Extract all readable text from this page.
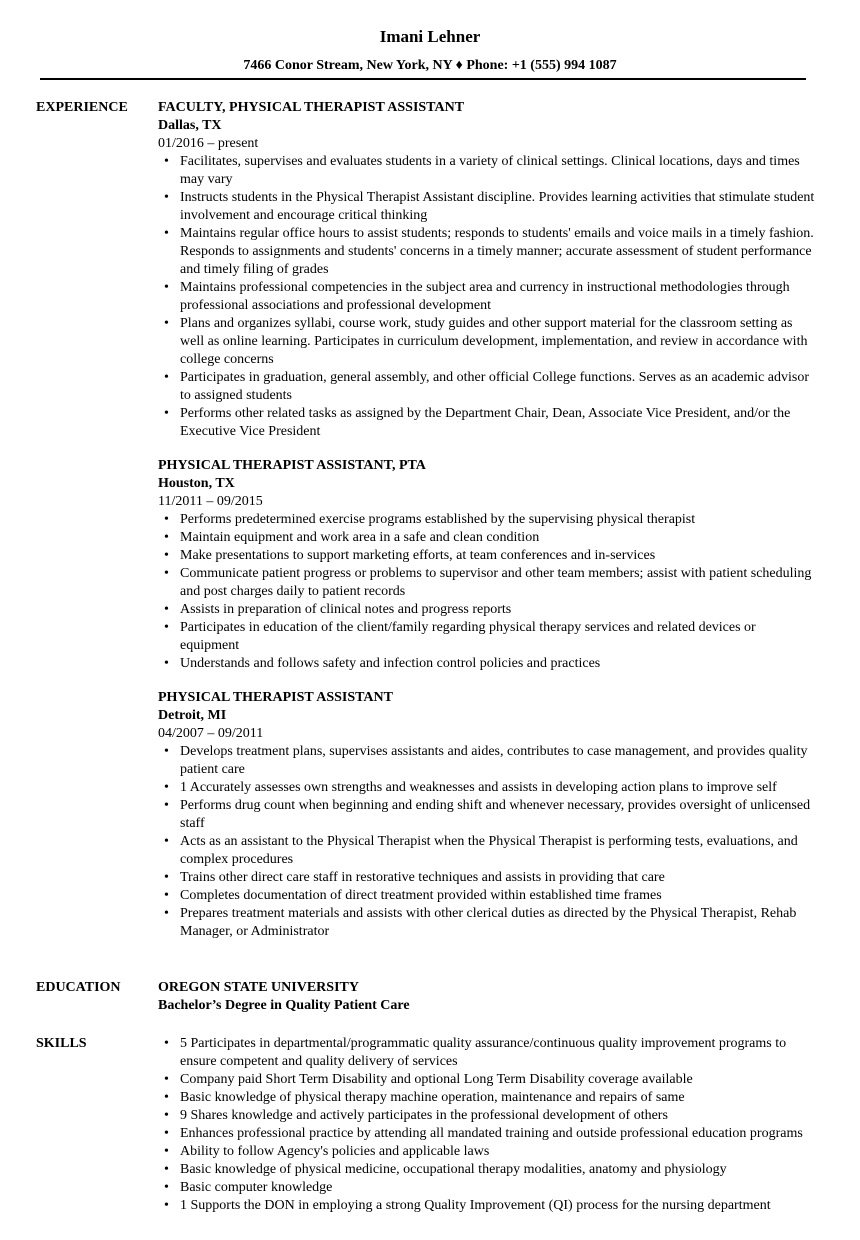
Imani Lehner
7466 Conor Stream, New York, NY ♦ Phone: +1 (555) 994 1087
EXPERIENCE FACULTY, PHYSICAL THERAPIST ASSISTANT
Dallas, TX
01/2016 – present
• Facilitates, supervises and evaluates students in a variety of clinical settings. Clinical locations, days and times may vary
• Instructs students in the Physical Therapist Assistant discipline. Provides learning activities that stimulate student involvement and encourage critical thinking
• Maintains regular office hours to assist students; responds to students' emails and voice mails in a timely fashion. Responds to assignments and students' concerns in a timely manner; accurate assessment of student performance and timely filing of grades
• Maintains professional competencies in the subject area and currency in instructional methodologies through professional associations and professional development
• Plans and organizes syllabi, course work, study guides and other support material for the classroom setting as well as online learning. Participates in curriculum development, implementation, and review in accordance with college concerns
• Participates in graduation, general assembly, and other official College functions. Serves as an academic advisor to assigned students
• Performs other related tasks as assigned by the Department Chair, Dean, Associate Vice President, and/or the Executive Vice President
PHYSICAL THERAPIST ASSISTANT, PTA
Houston, TX
11/2011 – 09/2015
• Performs predetermined exercise programs established by the supervising physical therapist
• Maintain equipment and work area in a safe and clean condition
• Make presentations to support marketing efforts, at team conferences and in-services
• Communicate patient progress or problems to supervisor and other team members; assist with patient scheduling and post charges daily to patient records
• Assists in preparation of clinical notes and progress reports
• Participates in education of the client/family regarding physical therapy services and related devices or equipment
• Understands and follows safety and infection control policies and practices
PHYSICAL THERAPIST ASSISTANT
Detroit, MI
04/2007 – 09/2011
• Develops treatment plans, supervises assistants and aides, contributes to case management, and provides quality patient care
• 1 Accurately assesses own strengths and weaknesses and assists in developing action plans to improve self
• Performs drug count when beginning and ending shift and whenever necessary, provides oversight of unlicensed staff
• Acts as an assistant to the Physical Therapist when the Physical Therapist is performing tests, evaluations, and complex procedures
• Trains other direct care staff in restorative techniques and assists in providing that care
• Completes documentation of direct treatment provided within established time frames
• Prepares treatment materials and assists with other clerical duties as directed by the Physical Therapist, Rehab Manager, or Administrator
EDUCATION	OREGON STATE UNIVERSITY
Bachelor’s Degree in Quality Patient Care
SKILLS
•	5 Participates in departmental/programmatic quality assurance/continuous quality improvement programs to ensure competent and quality delivery of services
• Company paid Short Term Disability and optional Long Term Disability coverage available
• Basic knowledge of physical therapy machine operation, maintenance and repairs of same
• 9 Shares knowledge and actively participates in the professional development of others
• Enhances professional practice by attending all mandated training and outside professional education programs
• Ability to follow Agency's policies and applicable laws
• Basic knowledge of physical medicine, occupational therapy modalities, anatomy and physiology
• Basic computer knowledge
• 1 Supports the DON in employing a strong Quality Improvement (QI) process for the nursing department
